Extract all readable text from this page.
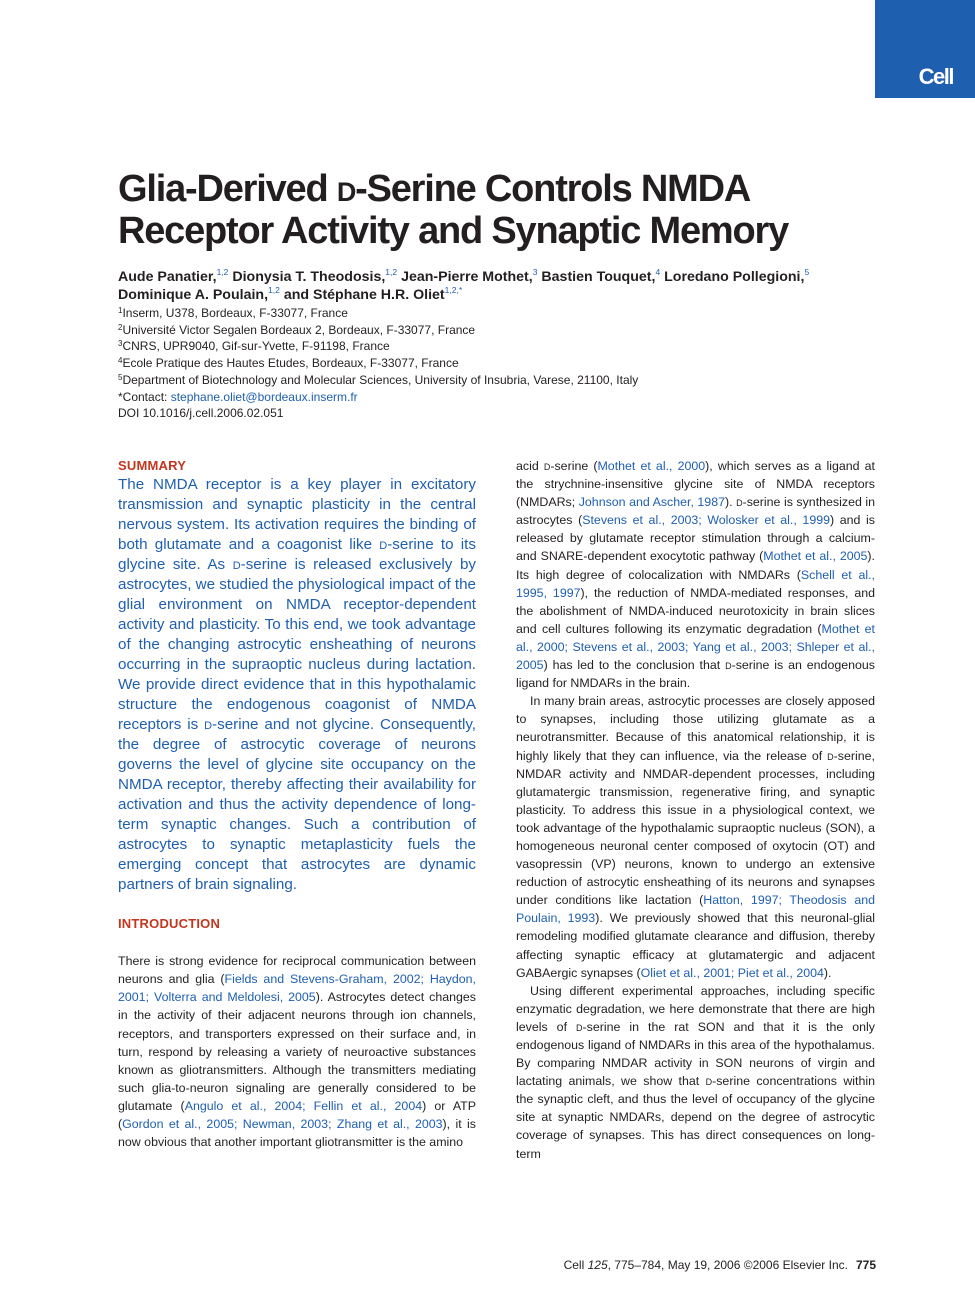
Cell
Glia-Derived d-Serine Controls NMDA Receptor Activity and Synaptic Memory
Aude Panatier,$^{1,2}$ Dionysia T. Theodosis,$^{1,2}$ Jean-Pierre Mothet,$^3$ Bastien Touquet,$^4$ Loredano Pollegioni,$^5$
Dominique A. Poulain,$^{1,2}$ and Stéphane H.R. Oliet$^{1,2,*}$
$^1$Inserm, U378, Bordeaux, F-33077, France
$^2$Université Victor Segalen Bordeaux 2, Bordeaux, F-33077, France
$^3$CNRS, UPR9040, Gif-sur-Yvette, F-91198, France
$^4$Ecole Pratique des Hautes Etudes, Bordeaux, F-33077, France
$^5$Department of Biotechnology and Molecular Sciences, University of Insubria, Varese, 21100, Italy
*Contact: stephane.oliet@bordeaux.inserm.fr
DOI 10.1016/j.cell.2006.02.051
SUMMARY

The NMDA receptor is a key player in excitatory transmission and synaptic plasticity in the central nervous system. Its activation requires the binding of both glutamate and a coagonist like d-serine to its glycine site. As d-serine is released exclusively by astrocytes, we studied the physiological impact of the glial environment on NMDA receptor-dependent activity and plasticity. To this end, we took advantage of the changing astrocytic ensheathing of neurons occurring in the supraoptic nucleus during lactation. We provide direct evidence that in this hypothalamic structure the endogenous coagonist of NMDA receptors is d-serine and not glycine. Consequently, the degree of astrocytic coverage of neurons governs the level of glycine site occupancy on the NMDA receptor, thereby affecting their availability for activation and thus the activity dependence of long-term synaptic changes. Such a contribution of astrocytes to synaptic metaplasticity fuels the emerging concept that astrocytes are dynamic partners of brain signaling.

INTRODUCTION

There is strong evidence for reciprocal communication between neurons and glia (Fields and Stevens-Graham, 2002; Haydon, 2001; Volterra and Meldolesi, 2005). Astrocytes detect changes in the activity of their adjacent neurons through ion channels, receptors, and transporters expressed on their surface and, in turn, respond by releasing a variety of neuroactive substances known as gliotransmitters. Although the transmitters mediating such glia-to-neuron signaling are generally considered to be glutamate (Angulo et al., 2004; Fellin et al., 2004) or ATP (Gordon et al., 2005; Newman, 2003; Zhang et al., 2003), it is now obvious that another important gliotransmitter is the amino

acid d-serine (Mothet et al., 2000), which serves as a ligand at the strychnine-insensitive glycine site of NMDA receptors (NMDARs; Johnson and Ascher, 1987). d-serine is synthesized in astrocytes (Stevens et al., 2003; Wolosker et al., 1999) and is released by glutamate receptor stimulation through a calcium- and SNARE-dependent exocytotic pathway (Mothet et al., 2005). Its high degree of colocalization with NMDARs (Schell et al., 1995, 1997), the reduction of NMDA-mediated responses, and the abolishment of NMDA-induced neurotoxicity in brain slices and cell cultures following its enzymatic degradation (Mothet et al., 2000; Stevens et al., 2003; Yang et al., 2003; Shleper et al., 2005) has led to the conclusion that d-serine is an endogenous ligand for NMDARs in the brain.

In many brain areas, astrocytic processes are closely apposed to synapses, including those utilizing glutamate as a neurotransmitter. Because of this anatomical relationship, it is highly likely that they can influence, via the release of d-serine, NMDAR activity and NMDAR-dependent processes, including glutamatergic transmission, regenerative firing, and synaptic plasticity. To address this issue in a physiological context, we took advantage of the hypothalamic supraoptic nucleus (SON), a homogeneous neuronal center composed of oxytocin (OT) and vasopressin (VP) neurons, known to undergo an extensive reduction of astrocytic ensheathing of its neurons and synapses under conditions like lactation (Hatton, 1997; Theodosis and Poulain, 1993). We previously showed that this neuronal-glial remodeling modified glutamate clearance and diffusion, thereby affecting synaptic efficacy at glutamatergic and adjacent GABAergic synapses (Oliet et al., 2001; Piet et al., 2004).

Using different experimental approaches, including specific enzymatic degradation, we here demonstrate that there are high levels of d-serine in the rat SON and that it is the only endogenous ligand of NMDARs in this area of the hypothalamus. By comparing NMDAR activity in SON neurons of virgin and lactating animals, we show that d-serine concentrations within the synaptic cleft, and thus the level of occupancy of the glycine site at synaptic NMDARs, depend on the degree of astrocytic coverage of synapses. This has direct consequences on long-term

Cell 125, 775–784, May 19, 2006 ©2006 Elsevier Inc. 775
